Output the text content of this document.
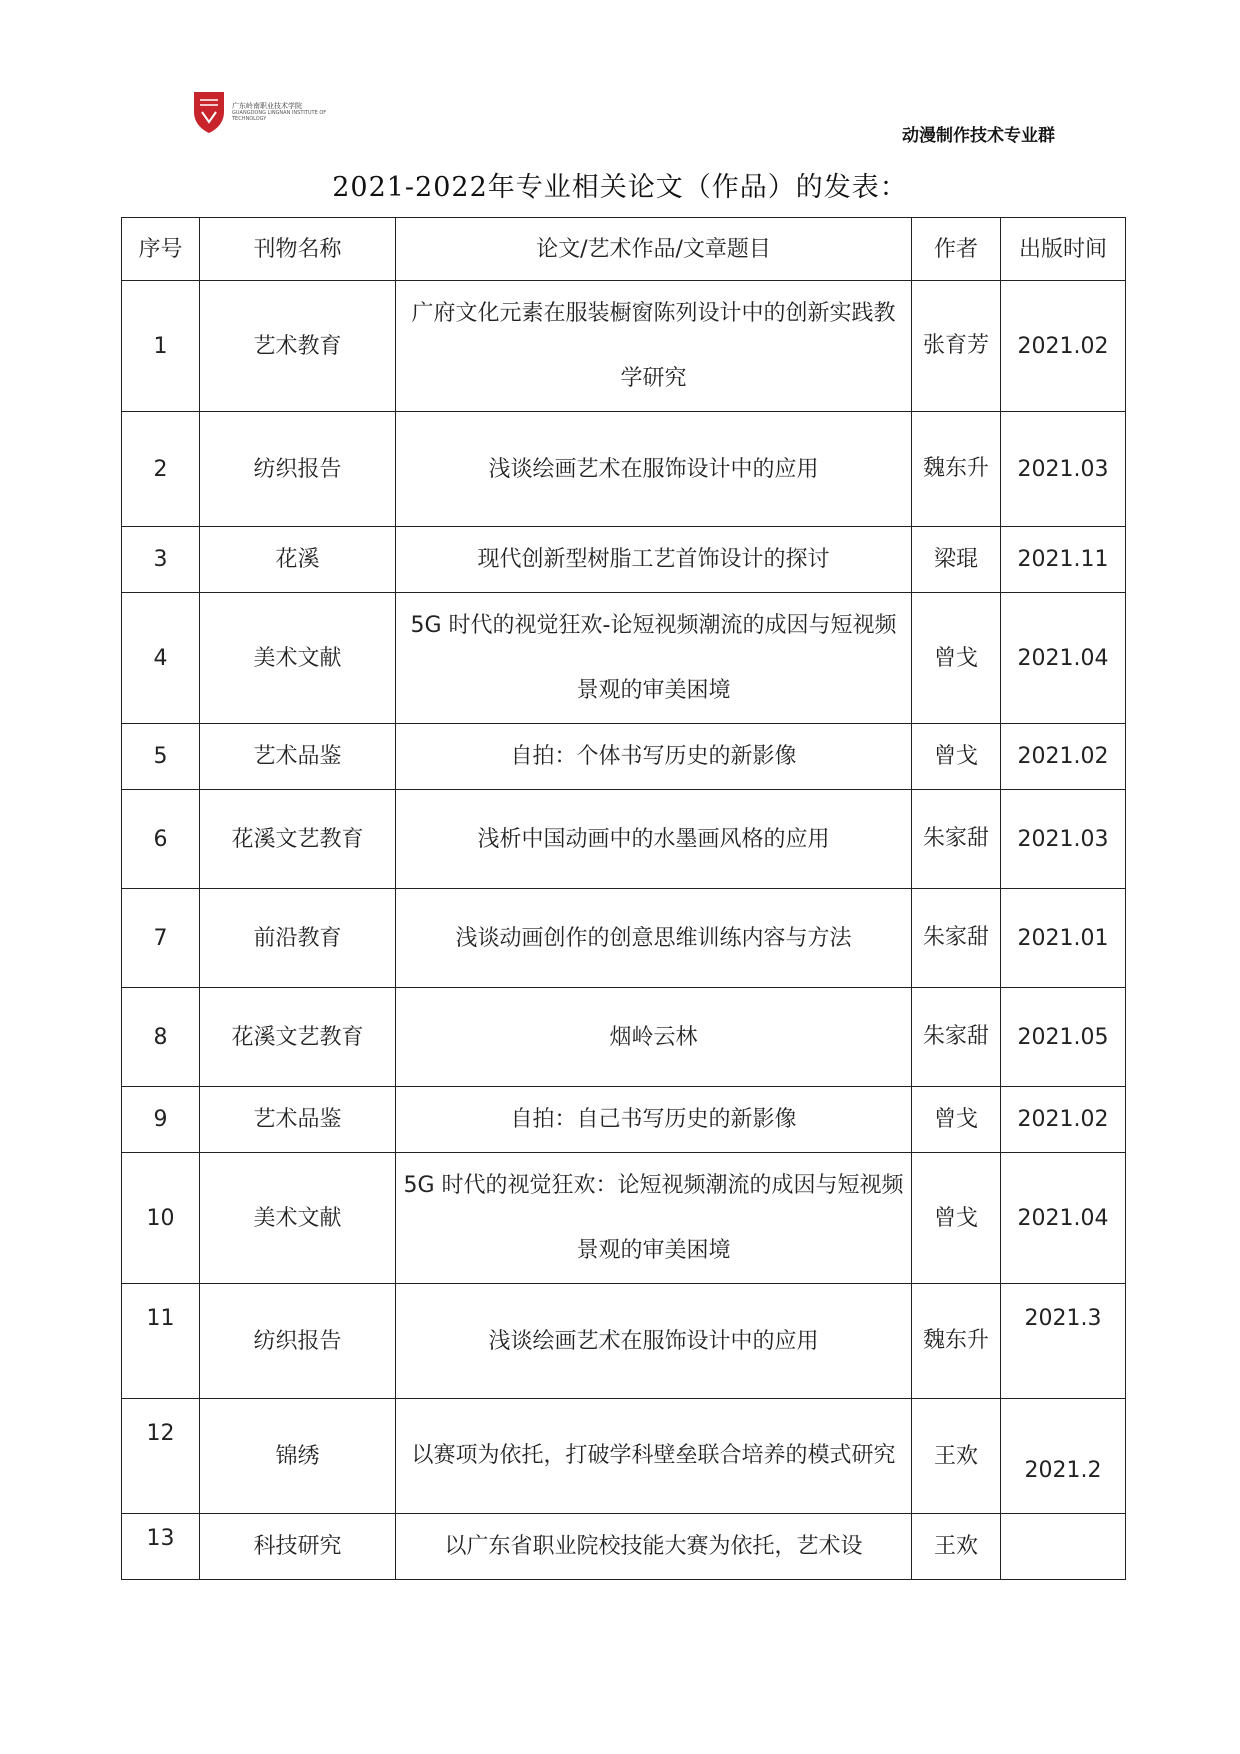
广东岭南职业技术学院
GUANGDONG LINGNAN INSTITUTE OF TECHNOLOGY
动漫制作技术专业群
2021-2022年专业相关论文（作品）的发表：
序号	刊物名称	论文/艺术作品/文章题目	作者	出版时间
1	艺术教育	广府文化元素在服装橱窗陈列设计中的创新实践教学研究	张育芳	2021.02
2	纺织报告	浅谈绘画艺术在服饰设计中的应用	魏东升	2021.03
3	花溪	现代创新型树脂工艺首饰设计的探讨	梁琨	2021.11
4	美术文献	5G 时代的视觉狂欢-论短视频潮流的成因与短视频景观的审美困境	曾戈	2021.04
5	艺术品鉴	自拍：个体书写历史的新影像	曾戈	2021.02
6	花溪文艺教育	浅析中国动画中的水墨画风格的应用	朱家甜	2021.03
7	前沿教育	浅谈动画创作的创意思维训练内容与方法	朱家甜	2021.01
8	花溪文艺教育	烟岭云林	朱家甜	2021.05
9	艺术品鉴	自拍：自己书写历史的新影像	曾戈	2021.02
10	美术文献	5G 时代的视觉狂欢：论短视频潮流的成因与短视频景观的审美困境	曾戈	2021.04
11	纺织报告	浅谈绘画艺术在服饰设计中的应用	魏东升	2021.3
12	锦绣	以赛项为依托，打破学科壁垒联合培养的模式研究	王欢	2021.2
13	科技研究	以广东省职业院校技能大赛为依托，艺术设	王欢	
